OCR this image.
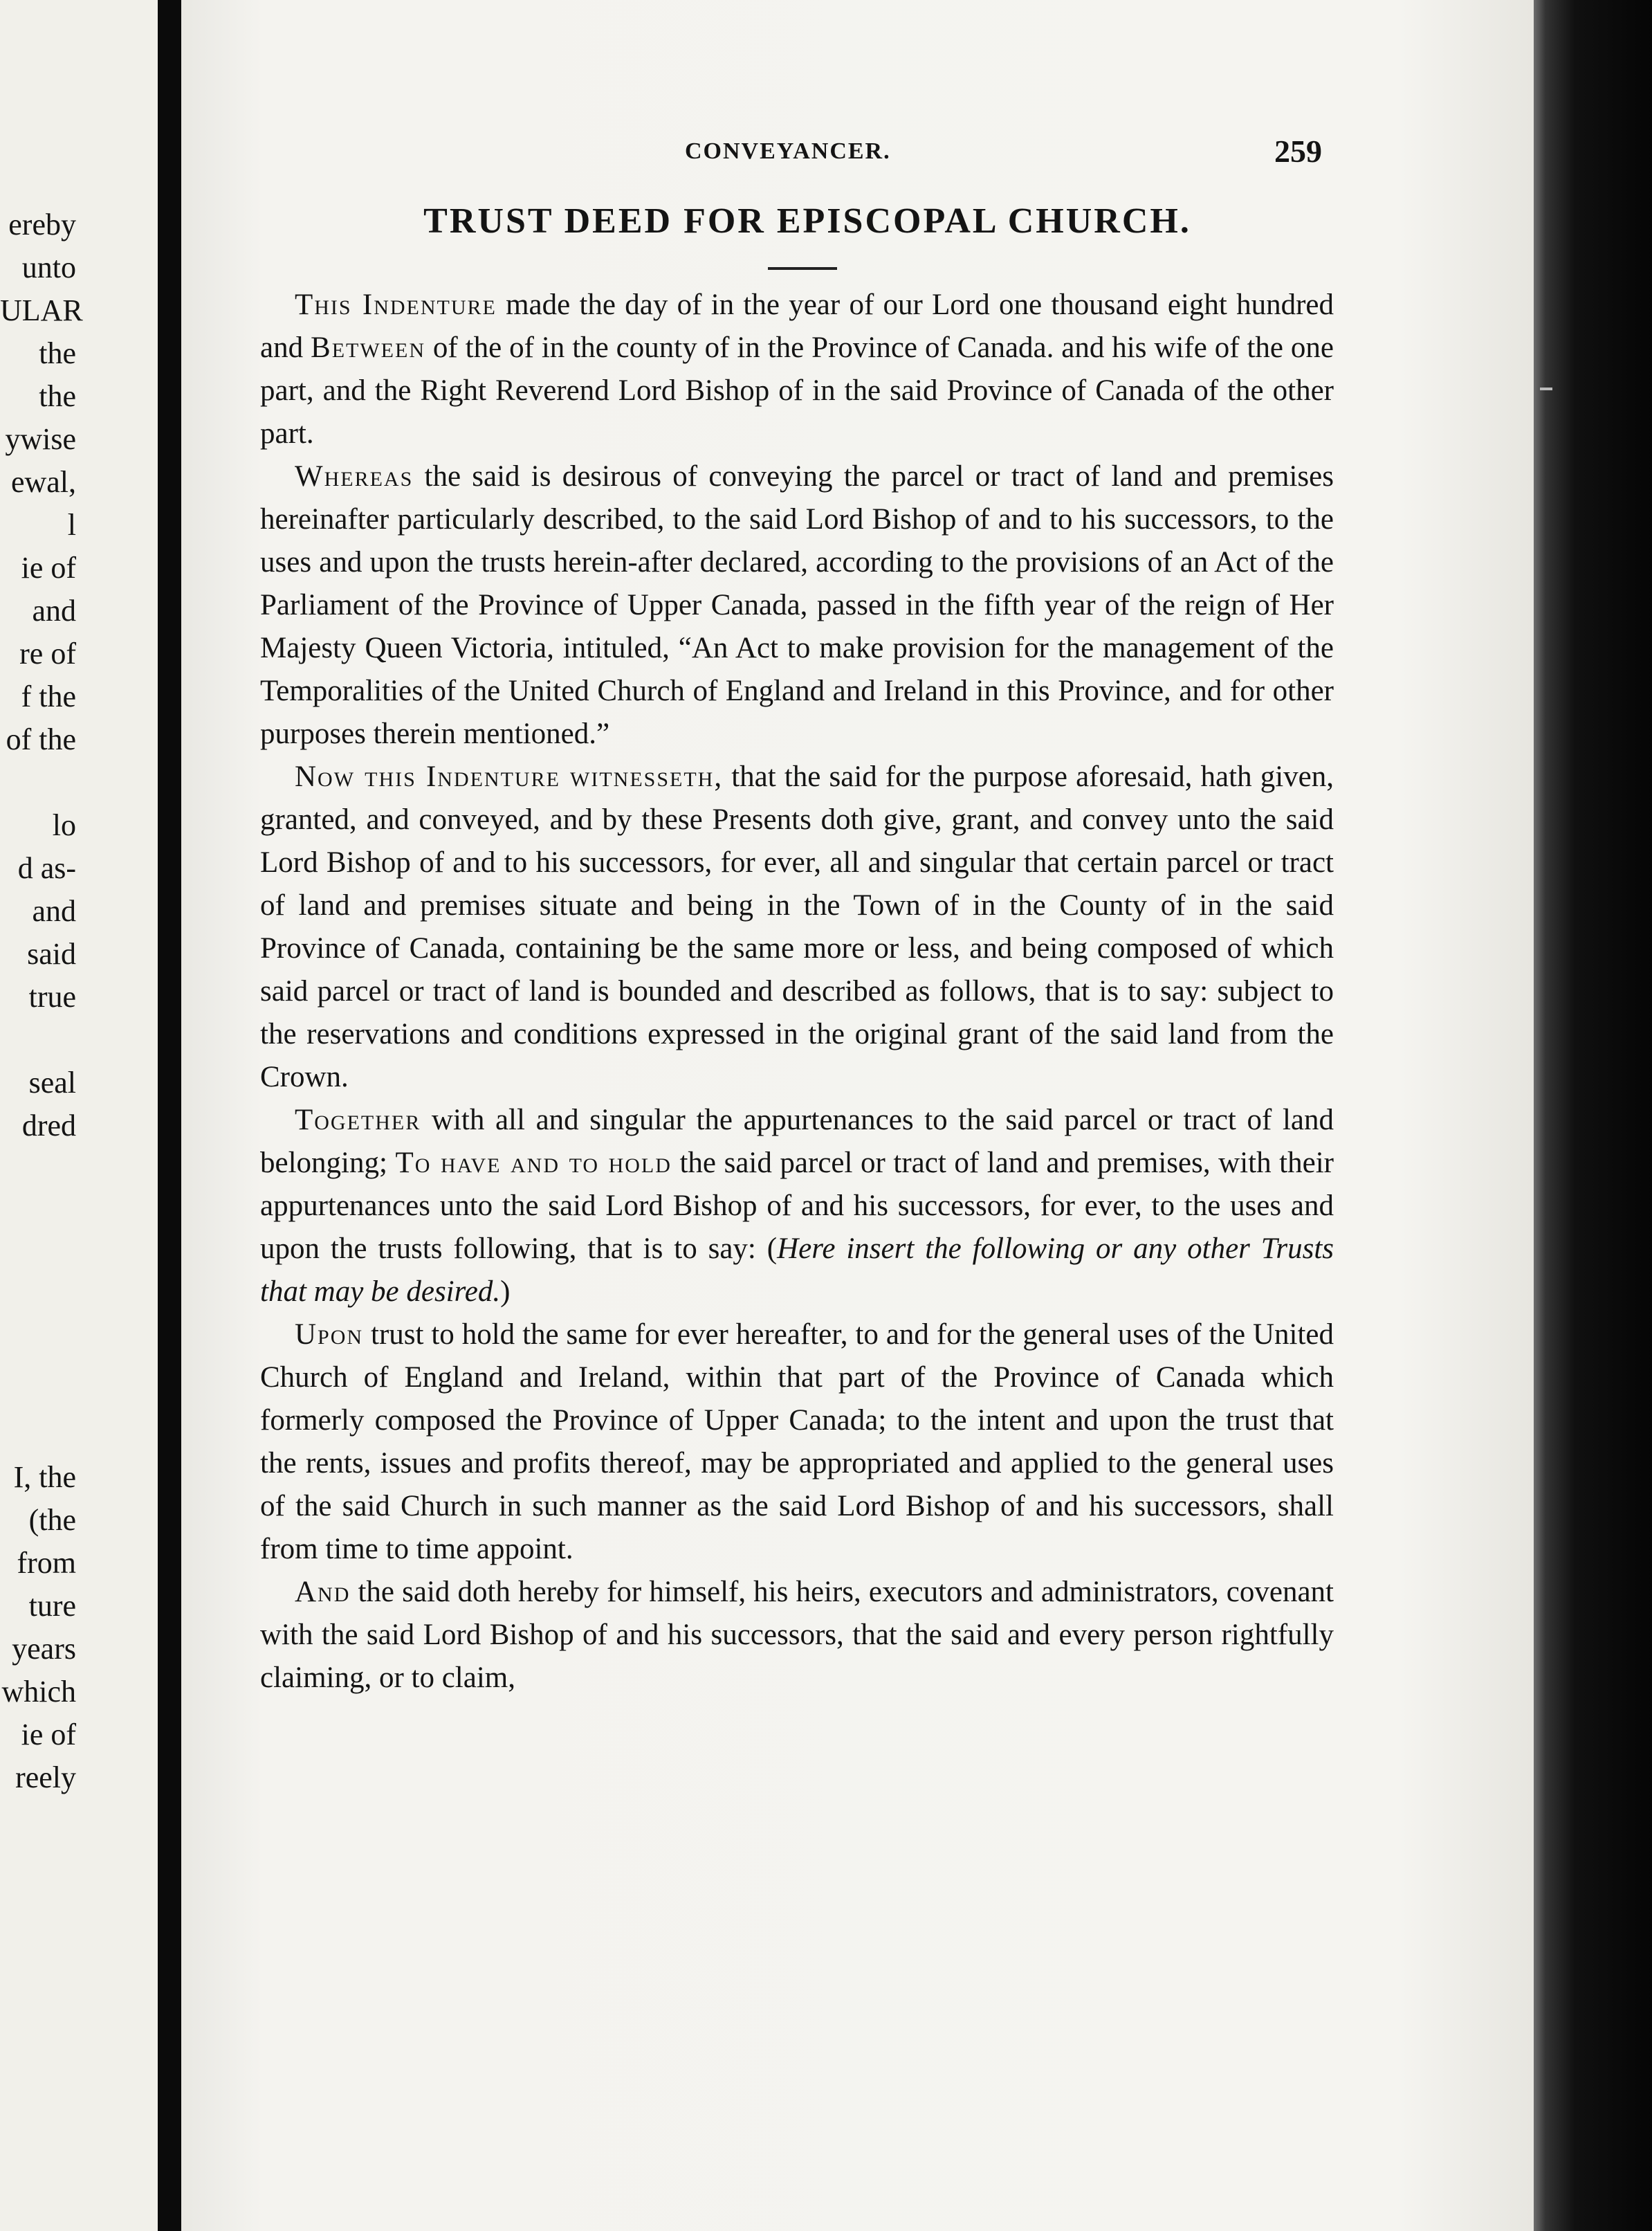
ereby
unto
ULAR
the
the
ywise
ewal,
l
ie of
and
re of
f the
of the
lo
d as-
and
said
true
seal
dred
I, the
(the
from
ture
years
which
ie of
reely
CONVEYANCER.	259
TRUST DEED FOR EPISCOPAL CHURCH.

This Indenture made the day of in the year of our Lord one thousand eight hundred and Between of the of in the county of in the Province of Canada. and his wife of the one part, and the Right Reverend Lord Bishop of in the said Province of Canada of the other part.

Whereas the said is desirous of conveying the parcel or tract of land and premises hereinafter particularly described, to the said Lord Bishop of and to his successors, to the uses and upon the trusts herein-after declared, according to the provisions of an Act of the Parliament of the Province of Upper Canada, passed in the fifth year of the reign of Her Majesty Queen Victoria, intituled, “An Act to make provision for the management of the Temporalities of the United Church of England and Ireland in this Province, and for other purposes therein mentioned.”

Now this Indenture witnesseth, that the said for the purpose aforesaid, hath given, granted, and conveyed, and by these Presents doth give, grant, and convey unto the said Lord Bishop of and to his successors, for ever, all and singular that certain parcel or tract of land and premises situate and being in the Town of in the County of in the said Province of Canada, containing be the same more or less, and being composed of which said parcel or tract of land is bounded and described as follows, that is to say: subject to the reservations and conditions expressed in the original grant of the said land from the Crown.

Together with all and singular the appurtenances to the said parcel or tract of land belonging; To have and to hold the said parcel or tract of land and premises, with their appurtenances unto the said Lord Bishop of and his successors, for ever, to the uses and upon the trusts following, that is to say: (Here insert the following or any other Trusts that may be desired.)

Upon trust to hold the same for ever hereafter, to and for the general uses of the United Church of England and Ireland, within that part of the Province of Canada which formerly composed the Province of Upper Canada; to the intent and upon the trust that the rents, issues and profits thereof, may be appropriated and applied to the general uses of the said Church in such manner as the said Lord Bishop of and his successors, shall from time to time appoint.

And the said doth hereby for himself, his heirs, executors and administrators, covenant with the said Lord Bishop of and his successors, that the said and every person rightfully claiming, or to claim,
